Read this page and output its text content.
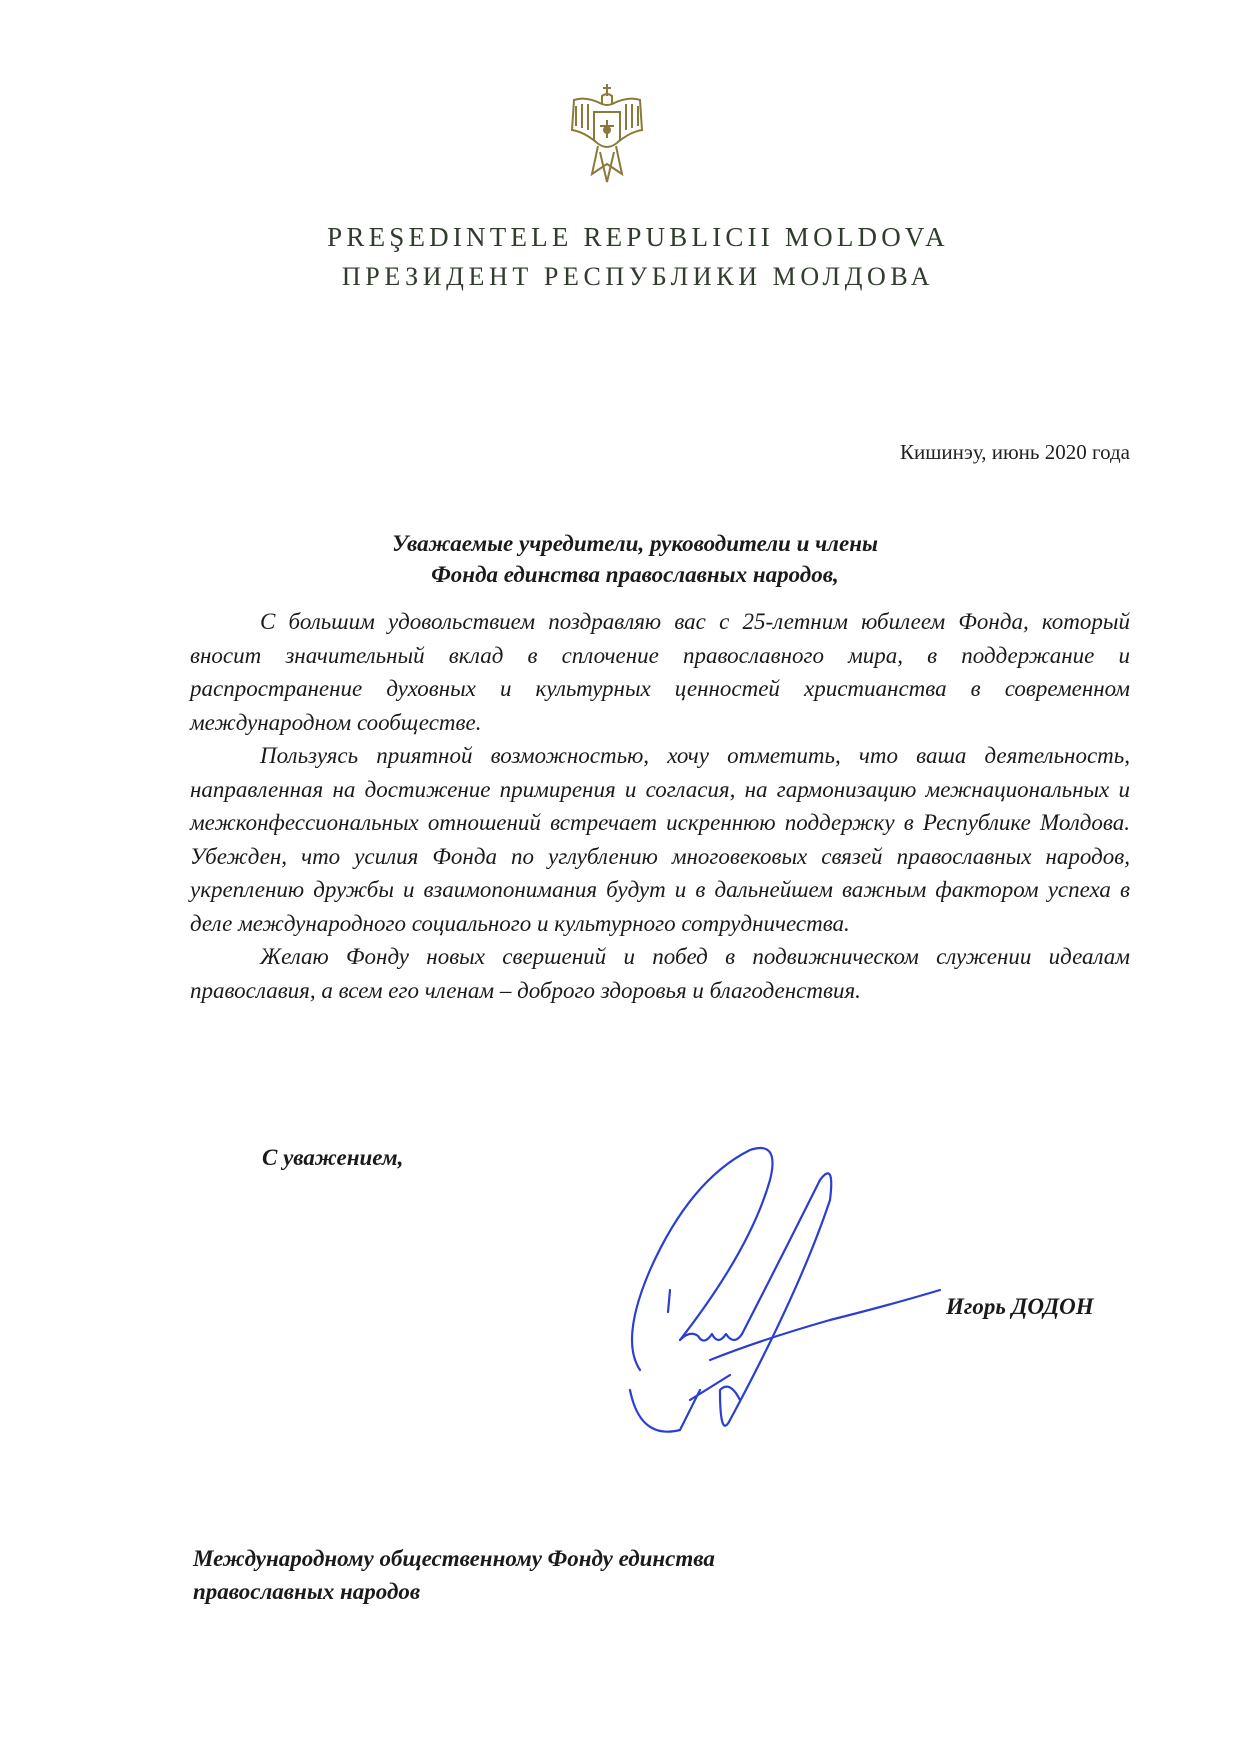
PREŞEDINTELE REPUBLICII MOLDOVA
ПРЕЗИДЕНТ РЕСПУБЛИКИ МОЛДОВА
Кишинэу, июнь 2020 года
Уважаемые учредители, руководители и члены
Фонда единства православных народов,

С большим удовольствием поздравляю вас с 25-летним юбилеем Фонда, который вносит значительный вклад в сплочение православного мира, в поддержание и распространение духовных и культурных ценностей христианства в современном международном сообществе.

Пользуясь приятной возможностью, хочу отметить, что ваша деятельность, направленная на достижение примирения и согласия, на гармонизацию межнациональных и межконфессиональных отношений встречает искреннюю поддержку в Республике Молдова. Убежден, что усилия Фонда по углублению многовековых связей православных народов, укреплению дружбы и взаимопонимания будут и в дальнейшем важным фактором успеха в деле международного социального и культурного сотрудничества.

Желаю Фонду новых свершений и побед в подвижническом служении идеалам православия, а всем его членам – доброго здоровья и благоденствия.

С уважением,
Игорь ДОДОН
Международному общественному Фонду единства
православных народов
